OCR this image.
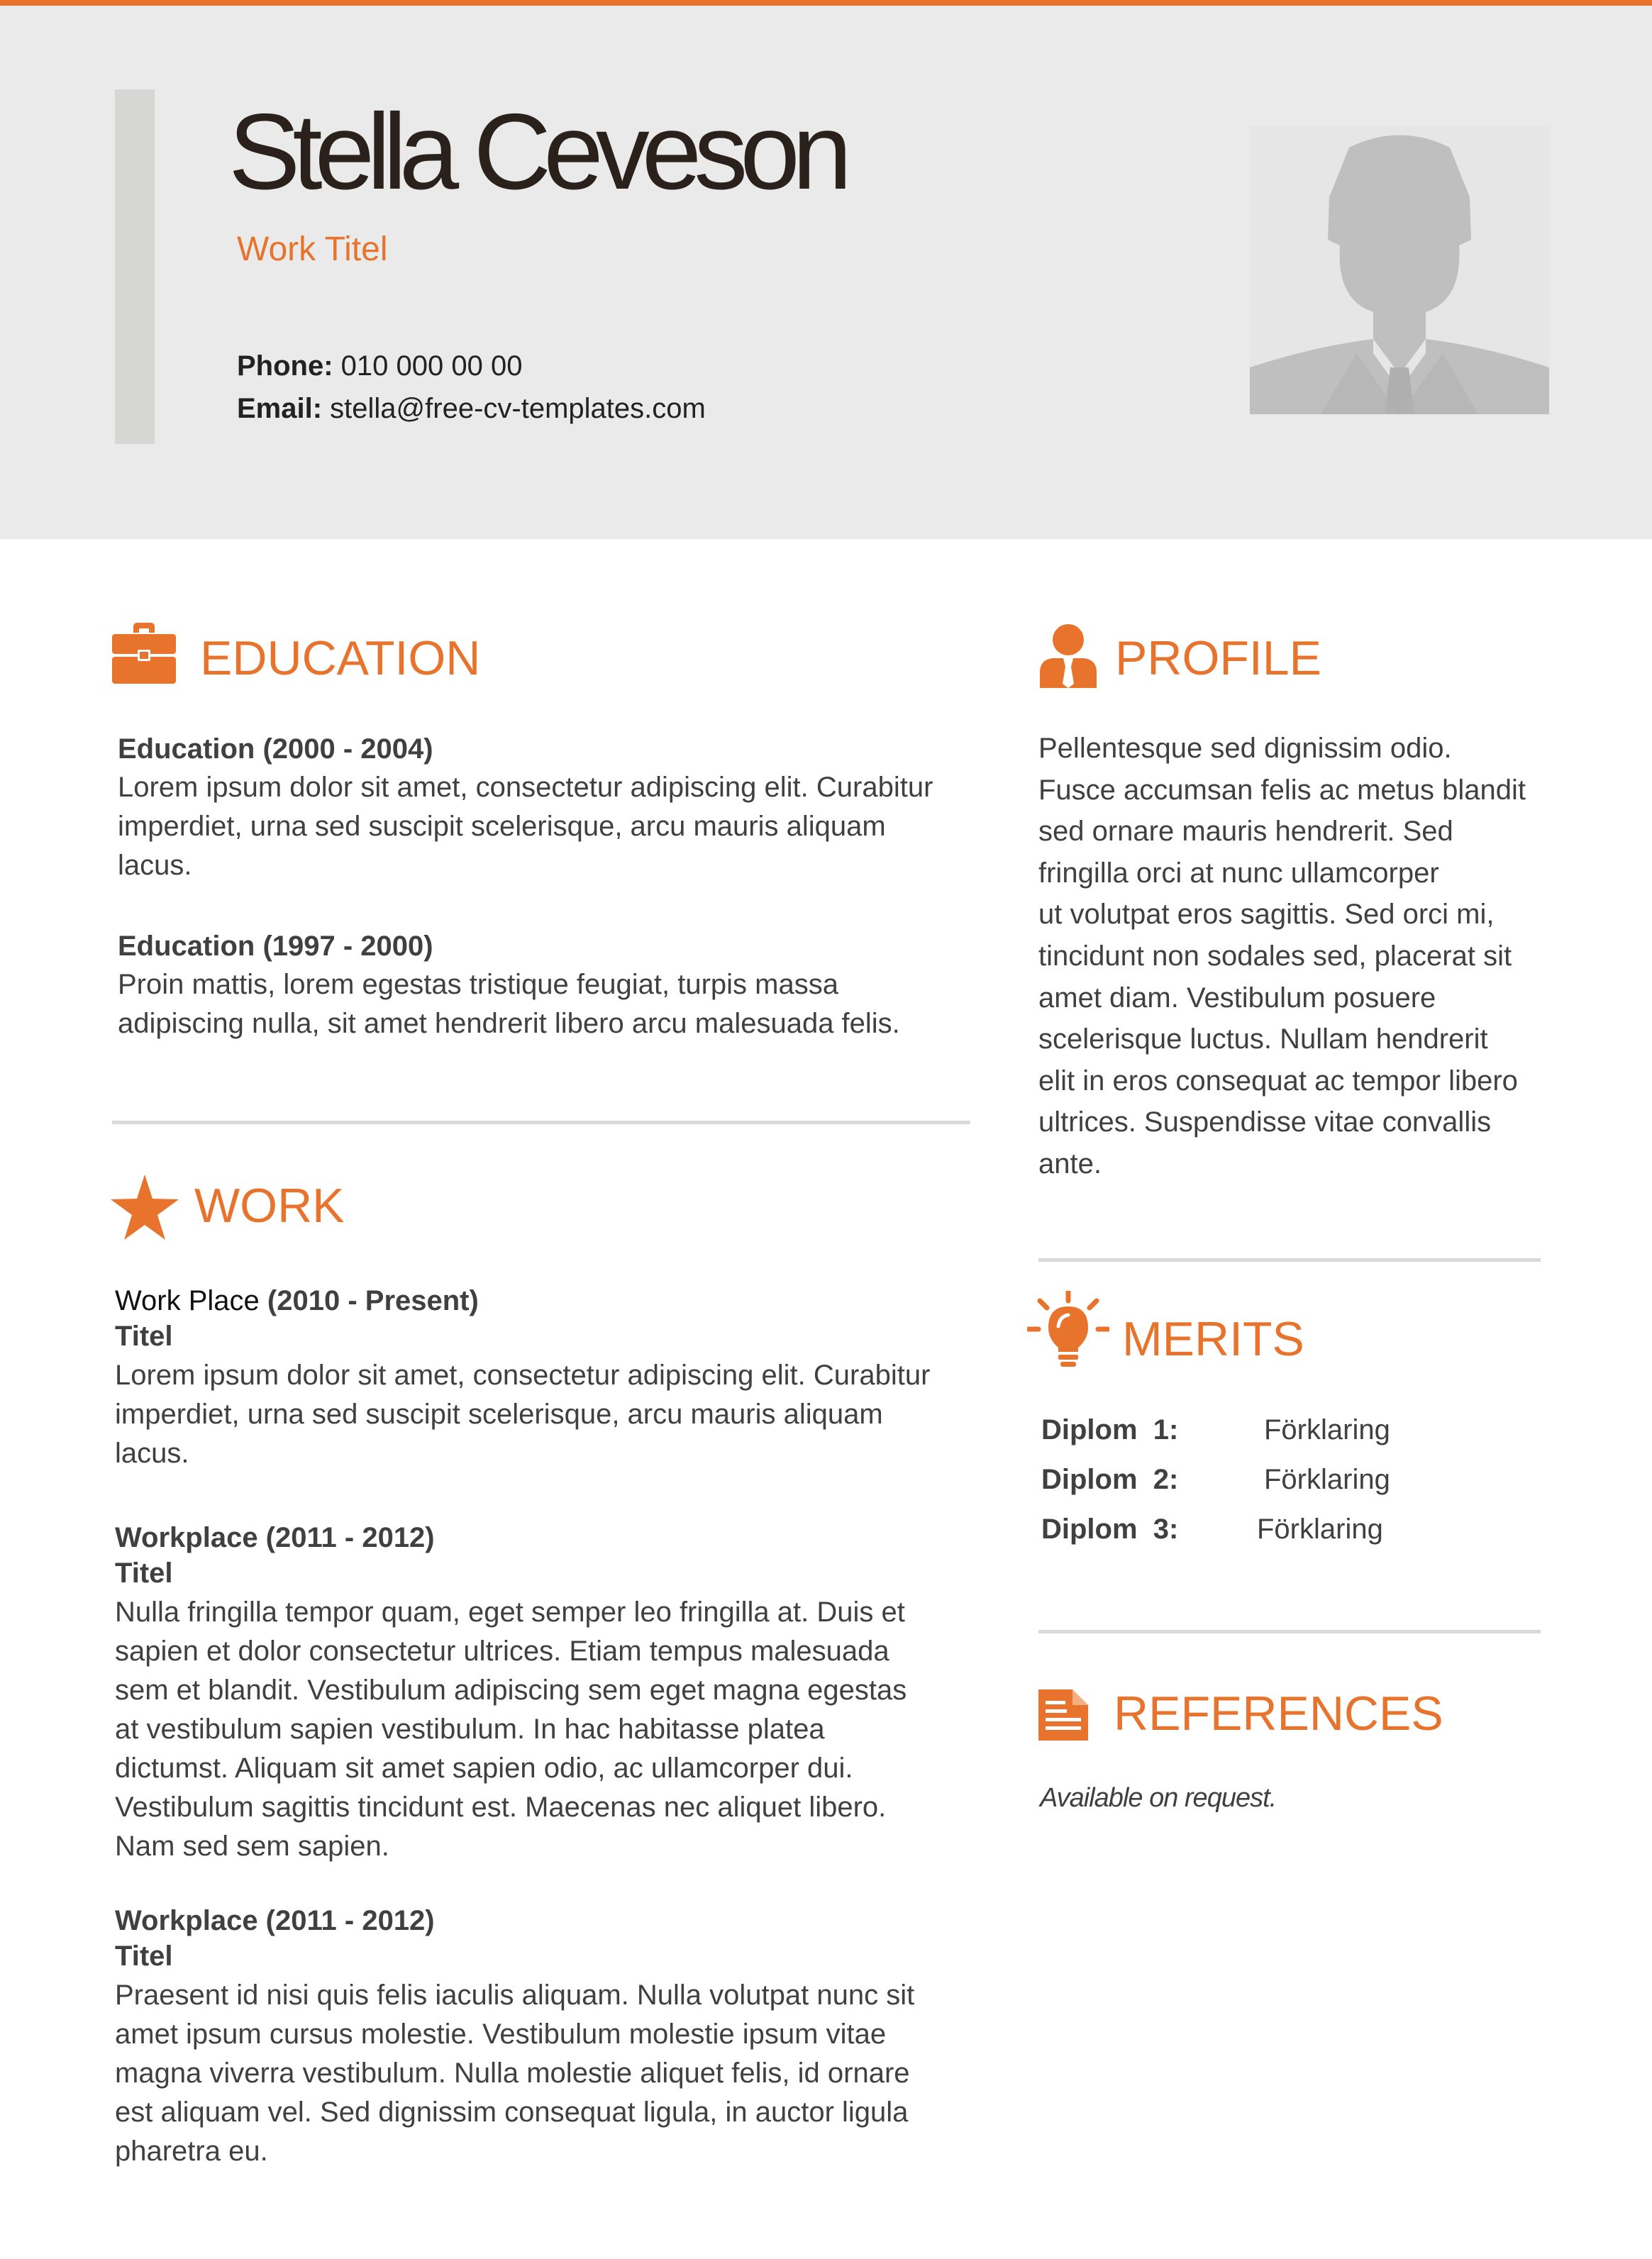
Stella Ceveson
Work Titel
Phone: 010 000 00 00
Email: stella@free-cv-templates.com
EDUCATION
Education (2000 - 2004)

Lorem ipsum dolor sit amet, consectetur adipiscing elit. Curabitur
imperdiet, urna sed suscipit scelerisque, arcu mauris aliquam
lacus.

Education (1997 - 2000)

Proin mattis, lorem egestas tristique feugiat, turpis massa
adipiscing nulla, sit amet hendrerit libero arcu malesuada felis.

WORK
Work Place (2010 - Present)
Titel

Lorem ipsum dolor sit amet, consectetur adipiscing elit. Curabitur
imperdiet, urna sed suscipit scelerisque, arcu mauris aliquam
lacus.

Workplace (2011 - 2012)
Titel

Nulla fringilla tempor quam, eget semper leo fringilla at. Duis et
sapien et dolor consectetur ultrices. Etiam tempus malesuada
sem et blandit. Vestibulum adipiscing sem eget magna egestas
at vestibulum sapien vestibulum. In hac habitasse platea
dictumst. Aliquam sit amet sapien odio, ac ullamcorper dui.
Vestibulum sagittis tincidunt est. Maecenas nec aliquet libero.
Nam sed sem sapien.

Workplace (2011 - 2012)
Titel

Praesent id nisi quis felis iaculis aliquam. Nulla volutpat nunc sit
amet ipsum cursus molestie. Vestibulum molestie ipsum vitae
magna viverra vestibulum. Nulla molestie aliquet felis, id ornare
est aliquam vel. Sed dignissim consequat ligula, in auctor ligula
pharetra eu.

PROFILE

Pellentesque sed dignissim odio.
Fusce accumsan felis ac metus blandit
sed ornare mauris hendrerit. Sed
fringilla orci at nunc ullamcorper
ut volutpat eros sagittis. Sed orci mi,
tincidunt non sodales sed, placerat sit
amet diam. Vestibulum posuere
scelerisque luctus. Nullam hendrerit
elit in eros consequat ac tempor libero
ultrices. Suspendisse vitae convallis
ante.

MERITS
Diplom  1:	Förklaring
Diplom  2:	Förklaring
Diplom  3:	Förklaring
REFERENCES
Available on request.
